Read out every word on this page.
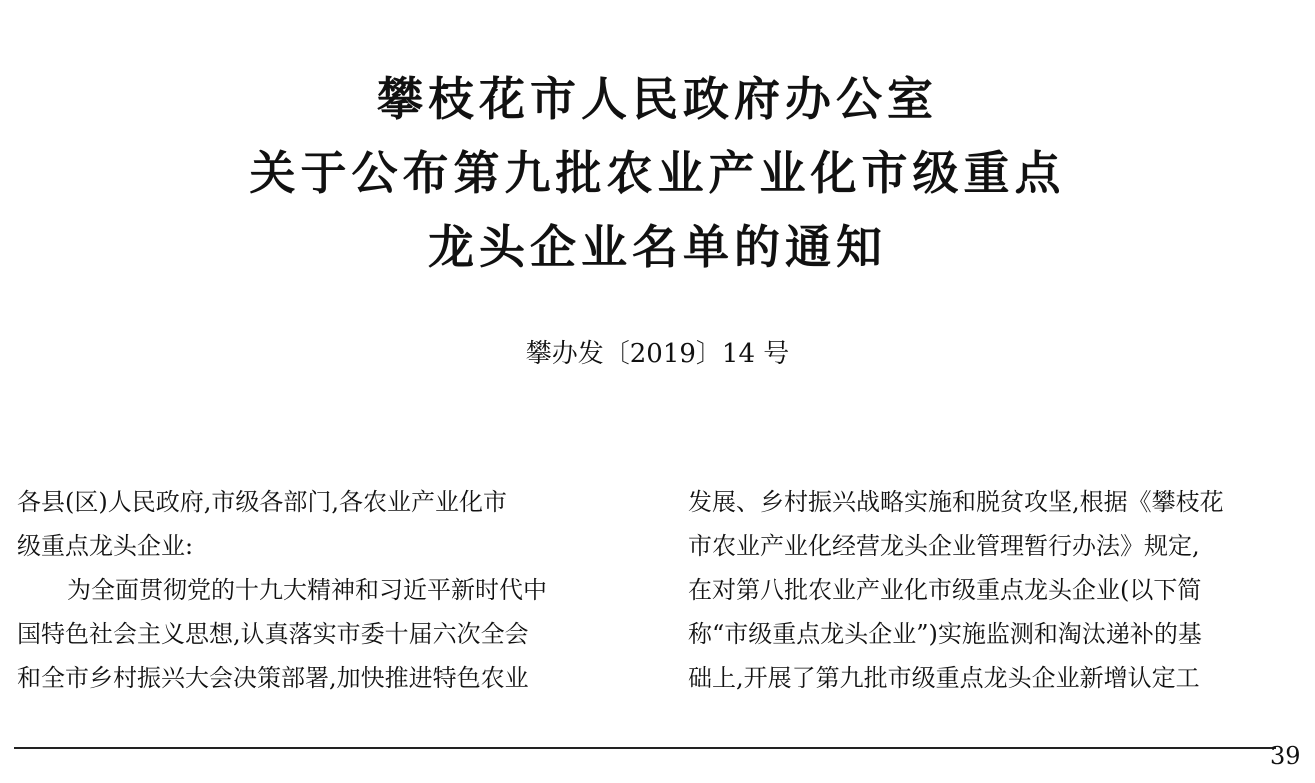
攀枝花市人民政府办公室
关于公布第九批农业产业化市级重点
龙头企业名单的通知
攀办发〔2019〕14 号
各县(区)人民政府,市级各部门,各农业产业化市
级重点龙头企业:
为全面贯彻党的十九大精神和习近平新时代中
国特色社会主义思想,认真落实市委十届六次全会
和全市乡村振兴大会决策部署,加快推进特色农业
发展、乡村振兴战略实施和脱贫攻坚,根据《攀枝花
市农业产业化经营龙头企业管理暂行办法》规定,
在对第八批农业产业化市级重点龙头企业(以下简
称“市级重点龙头企业”)实施监测和淘汰递补的基
础上,开展了第九批市级重点龙头企业新增认定工
39
